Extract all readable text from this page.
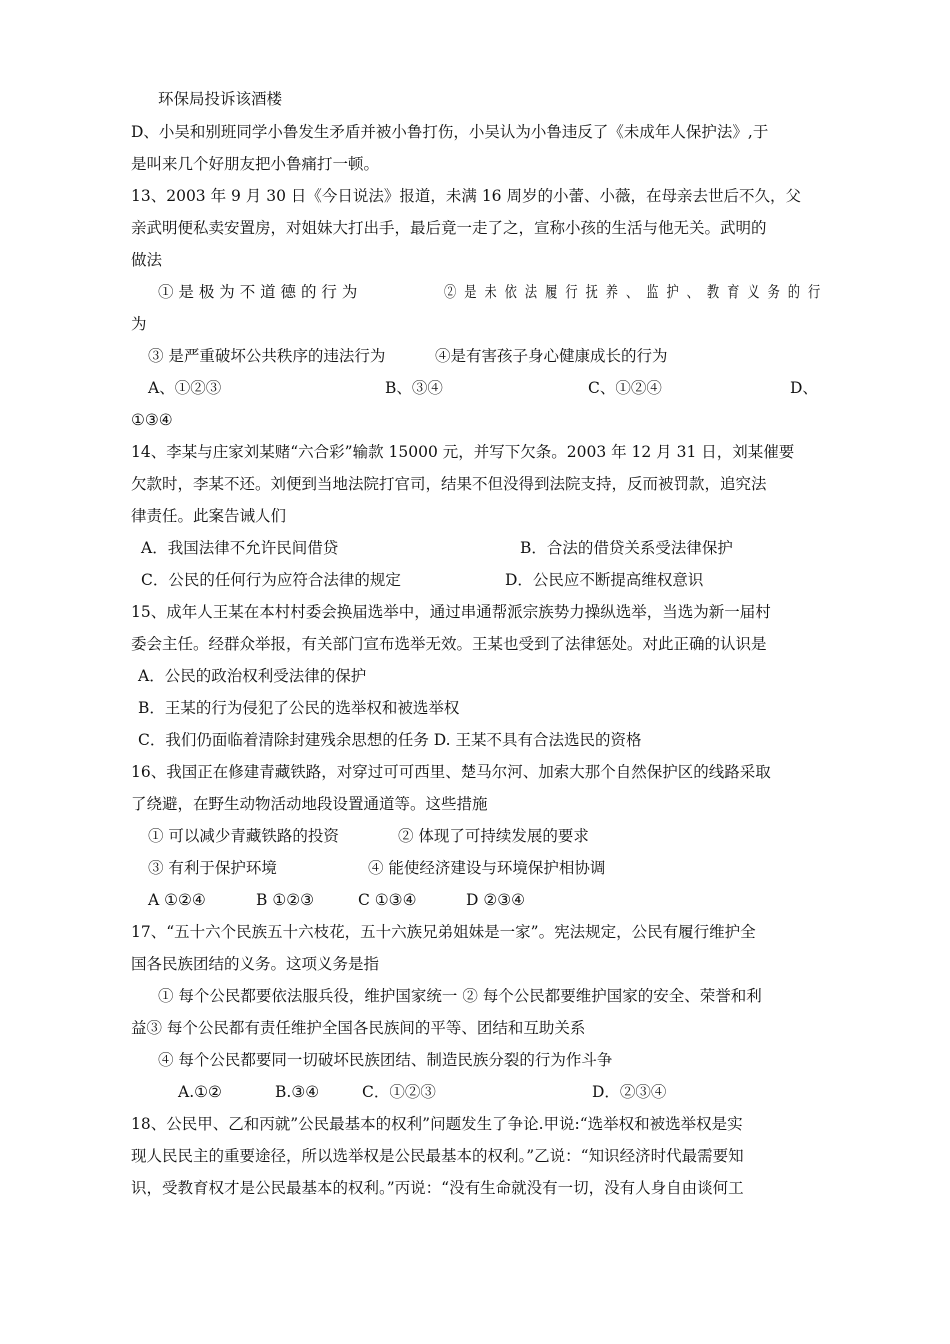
环保局投诉该酒楼
D、小吴和别班同学小鲁发生矛盾并被小鲁打伤，小吴认为小鲁违反了《未成年人保护法》,于
是叫来几个好朋友把小鲁痛打一顿。
13、2003 年 9 月 30 日《今日说法》报道，未满 16 周岁的小蕾、小薇，在母亲去世后不久，父
亲武明便私卖安置房，对姐妹大打出手，最后竟一走了之，宣称小孩的生活与他无关。武明的
做法
① 是 极 为 不 道 德 的 行 为	② 是 未 依 法 履 行 抚 养 、 监 护 、 教 育 义 务 的 行
为
③ 是严重破坏公共秩序的违法行为	④是有害孩子身心健康成长的行为
A、①②③	B、③④	C、①②④	D、
①③④
14、李某与庄家刘某赌“六合彩”输款 15000 元，并写下欠条。2003 年 12 月 31 日，刘某催要
欠款时，李某不还。刘便到当地法院打官司，结果不但没得到法院支持，反而被罚款，追究法
律责任。此案告诫人们
A．我国法律不允许民间借贷	B．合法的借贷关系受法律保护
C．公民的任何行为应符合法律的规定	D．公民应不断提高维权意识
15、成年人王某在本村村委会换届选举中，通过串通帮派宗族势力操纵选举，当选为新一届村
委会主任。经群众举报，有关部门宣布选举无效。王某也受到了法律惩处。对此正确的认识是
A．公民的政治权利受法律的保护
B．王某的行为侵犯了公民的选举权和被选举权
C．我们仍面临着清除封建残余思想的任务 D. 王某不具有合法选民的资格
16、我国正在修建青藏铁路，对穿过可可西里、楚马尔河、加索大那个自然保护区的线路采取
了绕避，在野生动物活动地段设置通道等。这些措施
① 可以减少青藏铁路的投资	② 体现了可持续发展的要求
③ 有利于保护环境	④ 能使经济建设与环境保护相协调
A ①②④	B ①②③	C ①③④	D ②③④
17、“五十六个民族五十六枝花，五十六族兄弟姐妹是一家”。宪法规定，公民有履行维护全
国各民族团结的义务。这项义务是指
① 每个公民都要依法服兵役，维护国家统一 ② 每个公民都要维护国家的安全、荣誉和利
益③ 每个公民都有责任维护全国各民族间的平等、团结和互助关系
④ 每个公民都要同一切破坏民族团结、制造民族分裂的行为作斗争
A.①②	B.③④	C．①②③	D．②③④
18、公民甲、乙和丙就”公民最基本的权利”问题发生了争论.甲说:“选举权和被选举权是实
现人民民主的重要途径，所以选举权是公民最基本的权利。”乙说：“知识经济时代最需要知
识，受教育权才是公民最基本的权利。”丙说：“没有生命就没有一切，没有人身自由谈何工
